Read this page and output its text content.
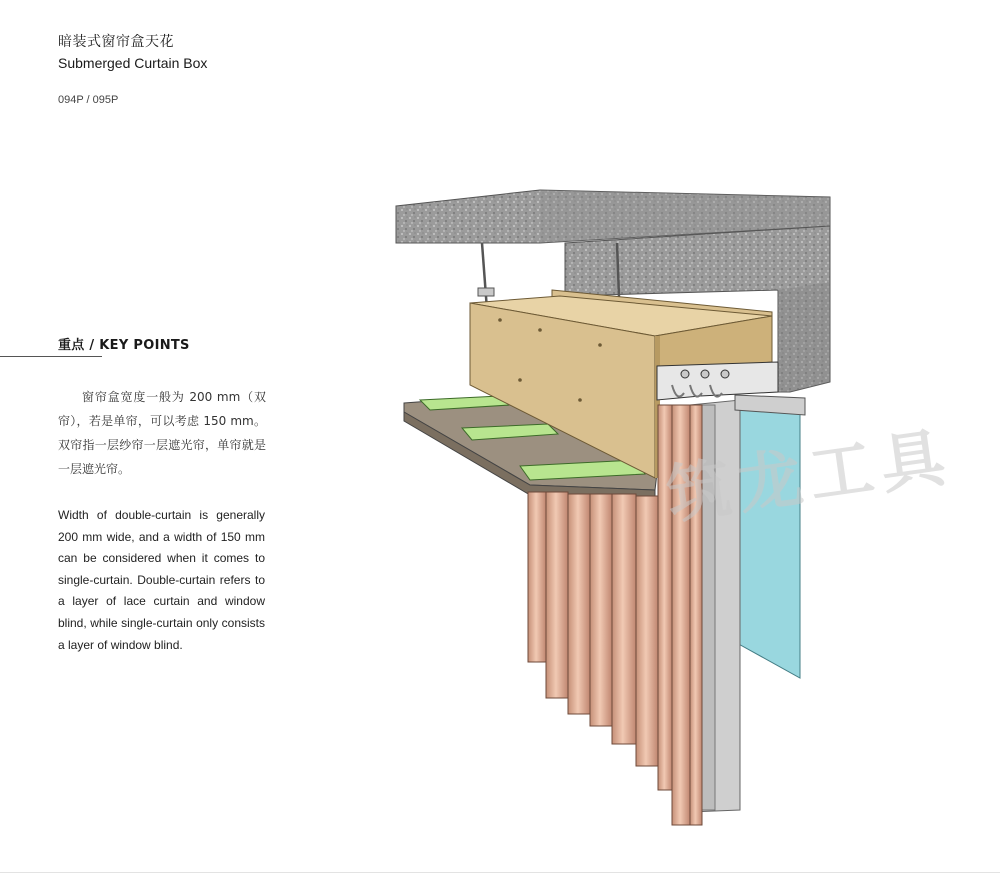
暗装式窗帘盒天花
Submerged Curtain Box
094P / 095P
重点 / KEY POINTS
窗帘盒宽度一般为 200 mm（双帘），若是单帘，可以考虑 150 mm。双帘指一层纱帘一层遮光帘，单帘就是一层遮光帘。
Width of double-curtain is generally 200 mm wide, and a width of 150 mm can be considered when it comes to single-curtain. Double-curtain refers to a layer of lace curtain and window blind, while single-curtain only consists a layer of window blind.
筑龙工具
